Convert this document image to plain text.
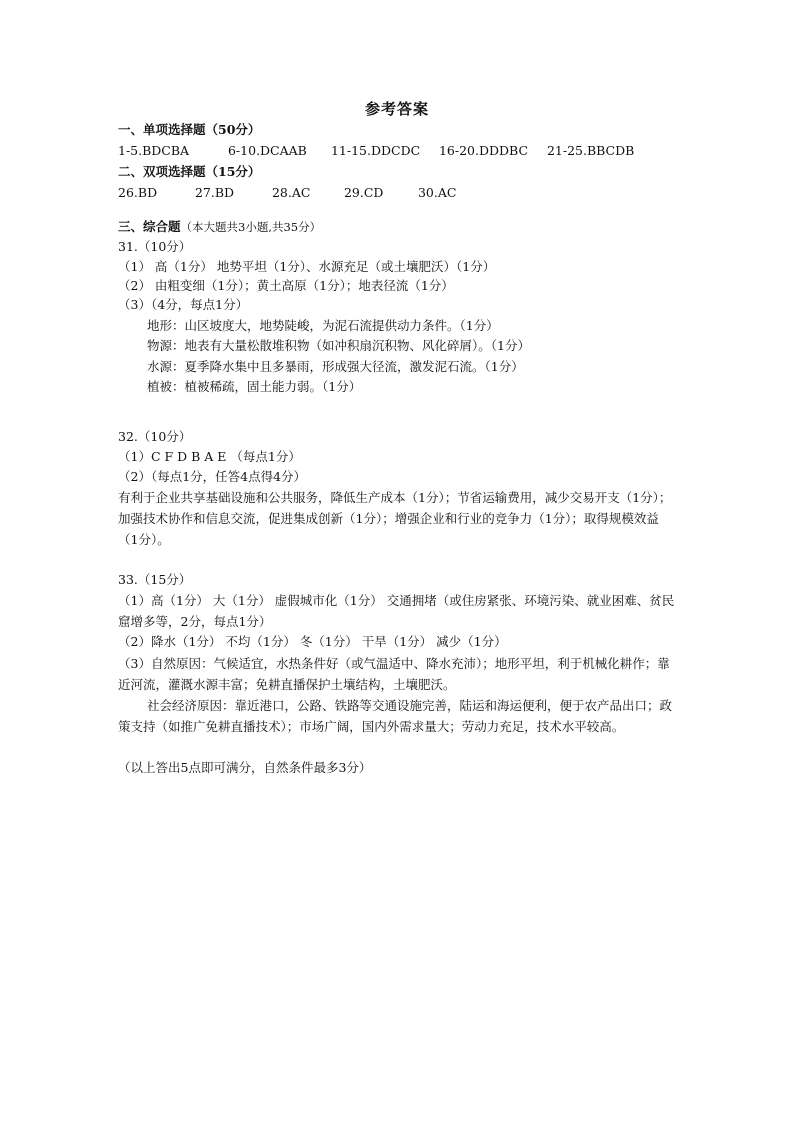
参考答案
一、单项选择题（50分）
1-5.BDCBA	6-10.DCAAB 11-15.DDCDC 16-20.DDDBC 21-25.BBCDB
二、双项选择题（15分）
26.BD	27.BD	28.AC	29.CD	30.AC
三、综合题（本大题共3小题,共35分）
31.（10分）
（1） 高（1分） 地势平坦（1分）、水源充足（或土壤肥沃）（1分）
（2） 由粗变细（1分）；黄土高原（1分）；地表径流（1分）
（3）（4分，每点1分）
地形：山区坡度大，地势陡峻，为泥石流提供动力条件。（1分）
物源：地表有大量松散堆积物（如冲积扇沉积物、风化碎屑）。（1分）
水源：夏季降水集中且多暴雨，形成强大径流，激发泥石流。（1分）
植被：植被稀疏，固土能力弱。（1分）
32.（10分）
（1）C F D B A E （每点1分）
（2）（每点1分，任答4点得4分）
有利于企业共享基础设施和公共服务，降低生产成本（1分）；节省运输费用，减少交易开支（1分）；加强技术协作和信息交流，促进集成创新（1分）；增强企业和行业的竞争力（1分）；取得规模效益（1分）。
33.（15分）
（1）高（1分） 大（1分） 虚假城市化（1分） 交通拥堵（或住房紧张、环境污染、就业困难、贫民窟增多等，2分，每点1分）
（2）降水（1分） 不均（1分） 冬（1分） 干旱（1分） 减少（1分）
（3）自然原因：气候适宜，水热条件好（或气温适中、降水充沛）；地形平坦，利于机械化耕作；靠近河流，灌溉水源丰富；免耕直播保护土壤结构，土壤肥沃。
社会经济原因：靠近港口，公路、铁路等交通设施完善，陆运和海运便利，便于农产品出口；政策支持（如推广免耕直播技术）；市场广阔，国内外需求量大；劳动力充足，技术水平较高。
（以上答出5点即可满分，自然条件最多3分）
